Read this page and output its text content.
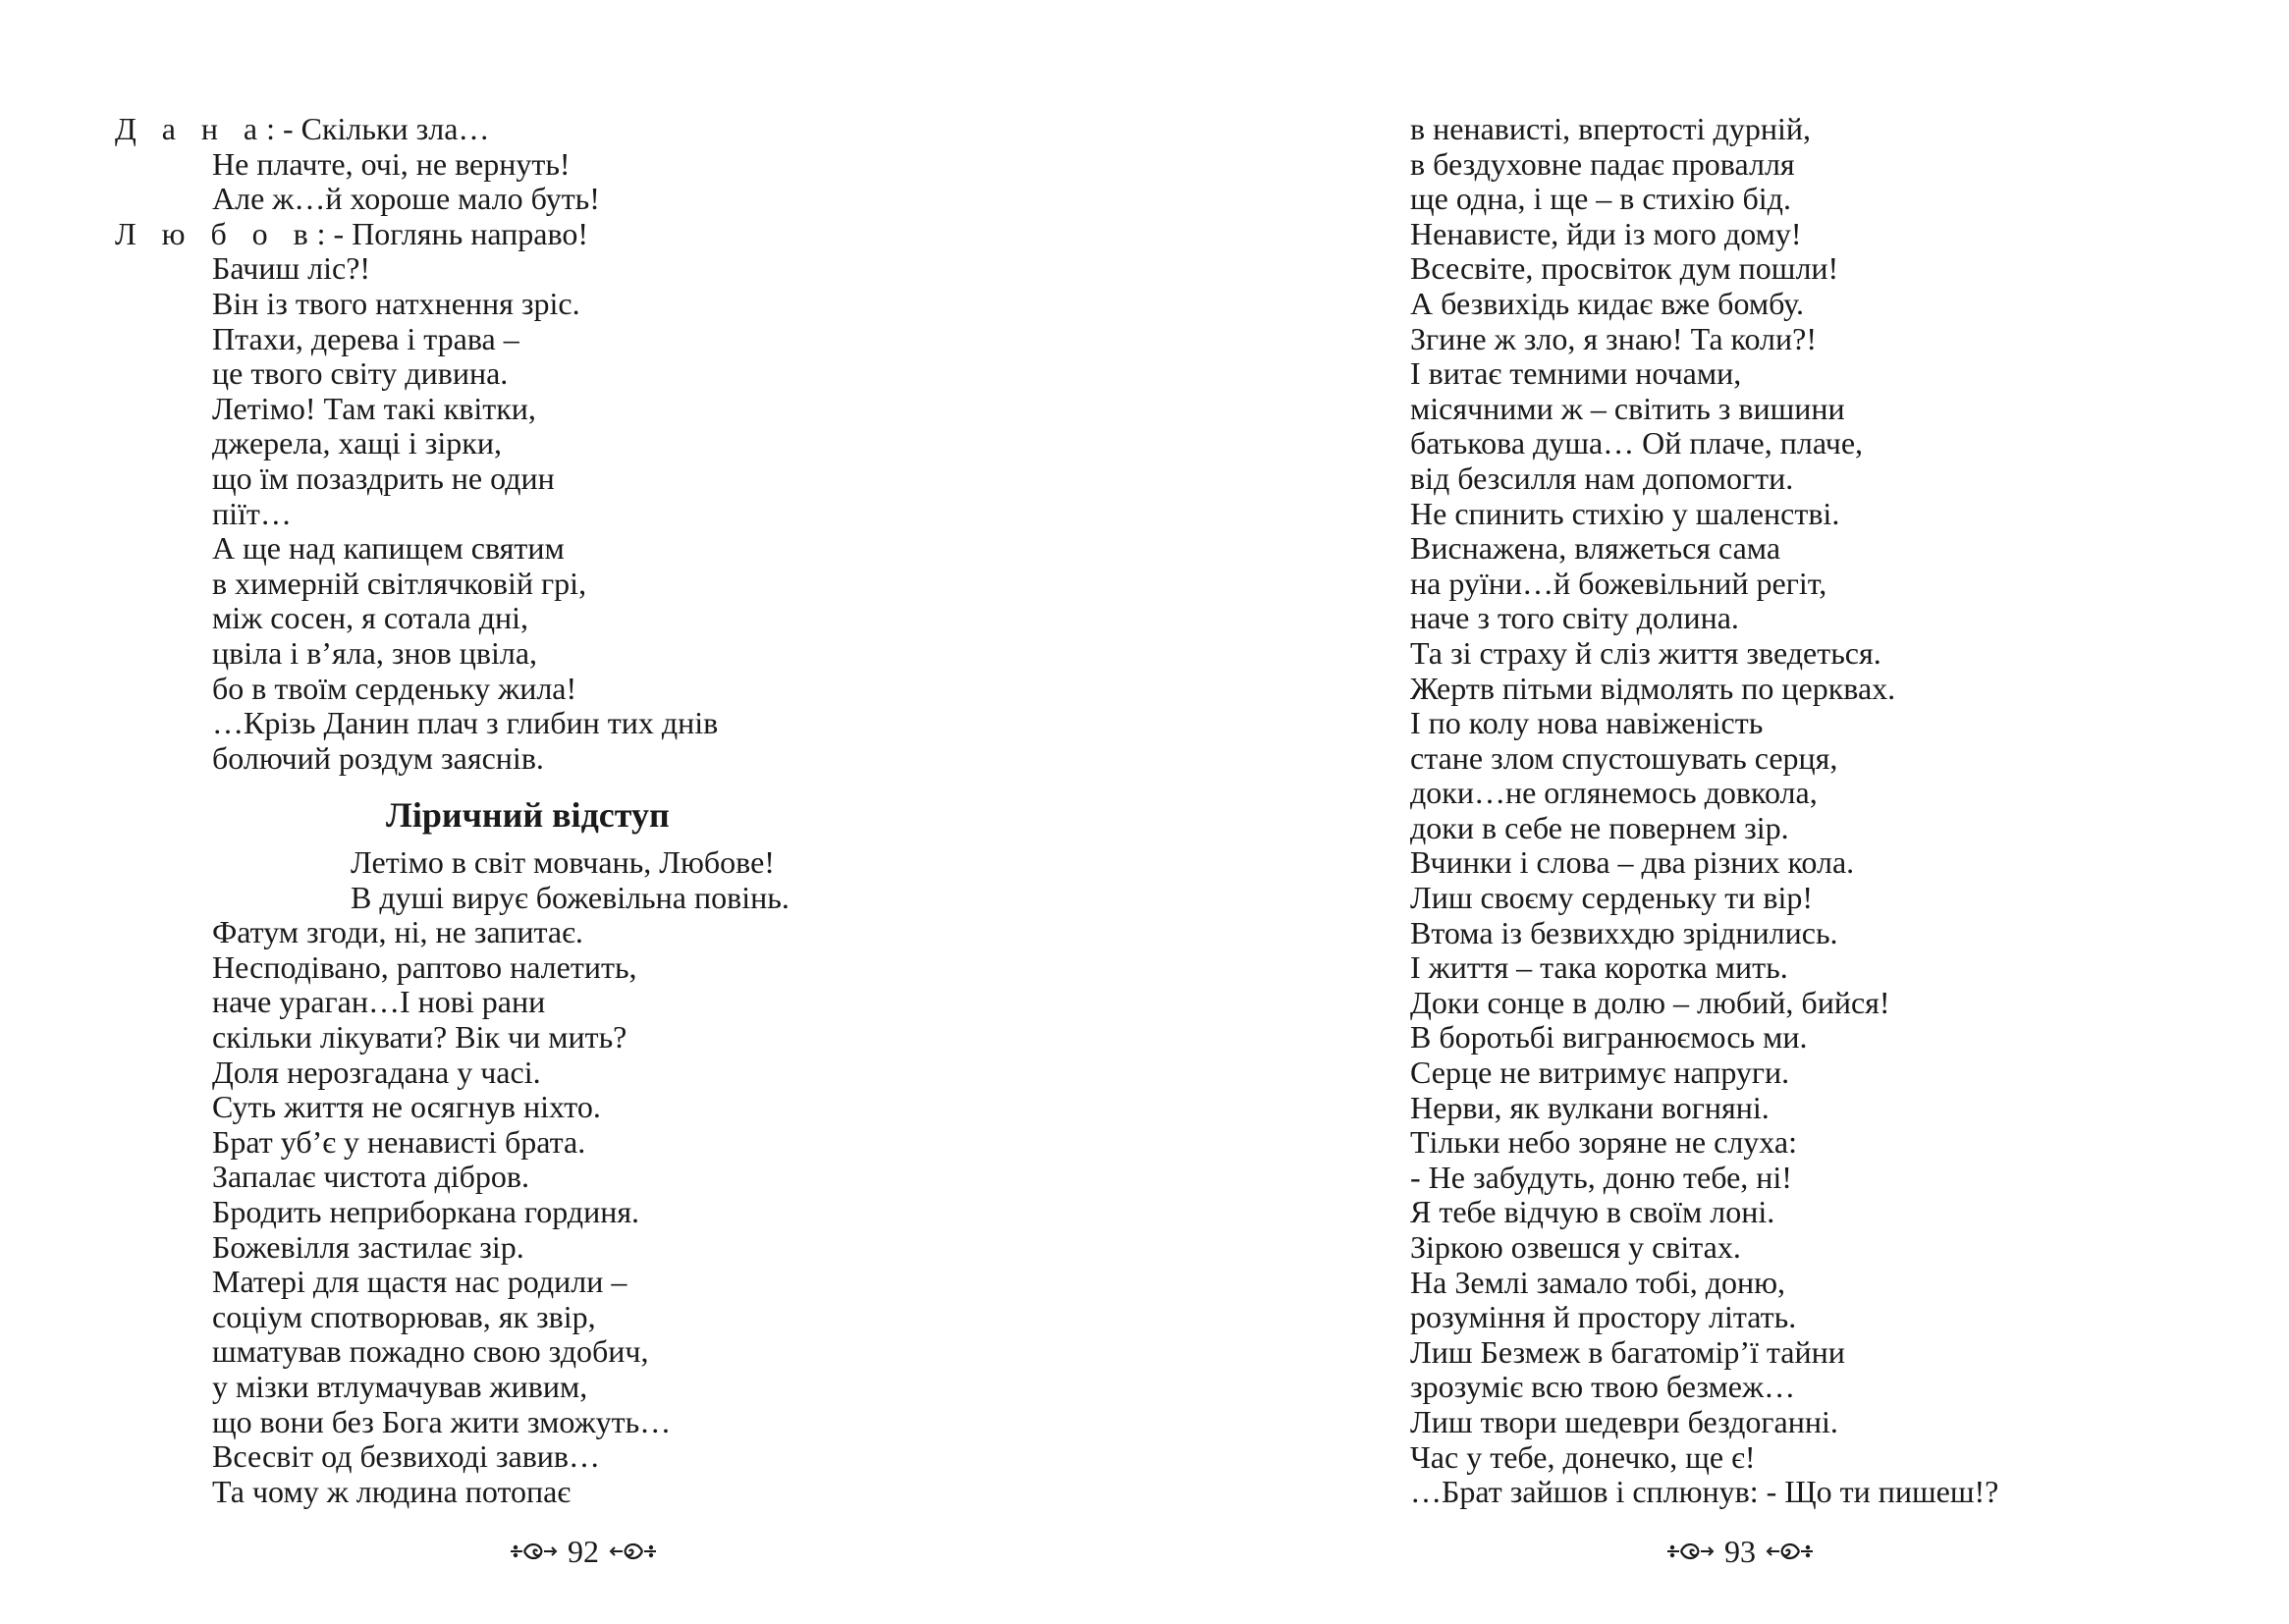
Д а н а: - Скільки зла…
Не плачте, очі, не вернуть!
Але ж…й хороше мало буть!
Л ю б о в: - Поглянь направо!
Бачиш ліс?!
Він із твого натхнення зріс.
Птахи, дерева і трава –
це твого світу дивина.
Летімо! Там такі квітки,
джерела, хащі і зірки,
що їм позаздрить не один
піїт…
А ще над капищем святим
в химерній світлячковій грі,
між сосен, я сотала дні,
цвіла і в’яла, знов цвіла,
бо в твоїм серденьку жила!
…Крізь Данин плач з глибин тих днів
болючий роздум заяснів.
Ліричний відступ
Летімо в світ мовчань, Любове!
В душі вирує божевільна повінь.
Фатум згоди, ні, не запитає.
Несподівано, раптово налетить,
наче ураган…І нові рани
скільки лікувати? Вік чи мить?
Доля нерозгадана у часі.
Суть життя не осягнув ніхто.
Брат уб’є у ненависті брата.
Запалає чистота дібров.
Бродить неприборкана гординя.
Божевілля застилає зір.
Матері для щастя нас родили –
соціум спотворював, як звір,
шматував пожадно свою здобич,
у мізки втлумачував живим,
що вони без Бога жити зможуть…
Всесвіт од безвиході завив…
Та чому ж людина потопає
92
в ненависті, впертості дурній,
в бездуховне падає провалля
ще одна, і ще – в стихію бід.
Ненависте, йди із мого дому!
Всесвіте, просвіток дум пошли!
А безвихідь кидає вже бомбу.
Згине ж зло, я знаю! Та коли?!
І витає темними ночами,
місячними ж – світить з вишини
батькова душа… Ой плаче, плаче,
від безсилля нам допомогти.
Не спинить стихію у шаленстві.
Виснажена, вляжеться сама
на руїни…й божевільний регіт,
наче з того світу долина.
Та зі страху й сліз життя зведеться.
Жертв пітьми відмолять по церквах.
І по колу нова навіженість
стане злом спустошувать серця,
доки…не оглянемось довкола,
доки в себе не повернем зір.
Вчинки і слова – два різних кола.
Лиш своєму серденьку ти вір!
Втома із безвиххдю зріднились.
І життя – така коротка мить.
Доки сонце в долю – любий, бийся!
В боротьбі вигранюємось ми.
Серце не витримує напруги.
Нерви, як вулкани вогняні.
Тільки небо зоряне не слуха:
- Не забудуть, доню тебе, ні!
Я тебе відчую в своїм лоні.
Зіркою озвешся у світах.
На Землі замало тобі, доню,
розуміння й простору літать.
Лиш Безмеж в багатомір’ї тайни
зрозуміє всю твою безмеж…
Лиш твори шедеври бездоганні.
Час у тебе, донечко, ще є!
…Брат зайшов і сплюнув: - Що ти пишеш!?
93
